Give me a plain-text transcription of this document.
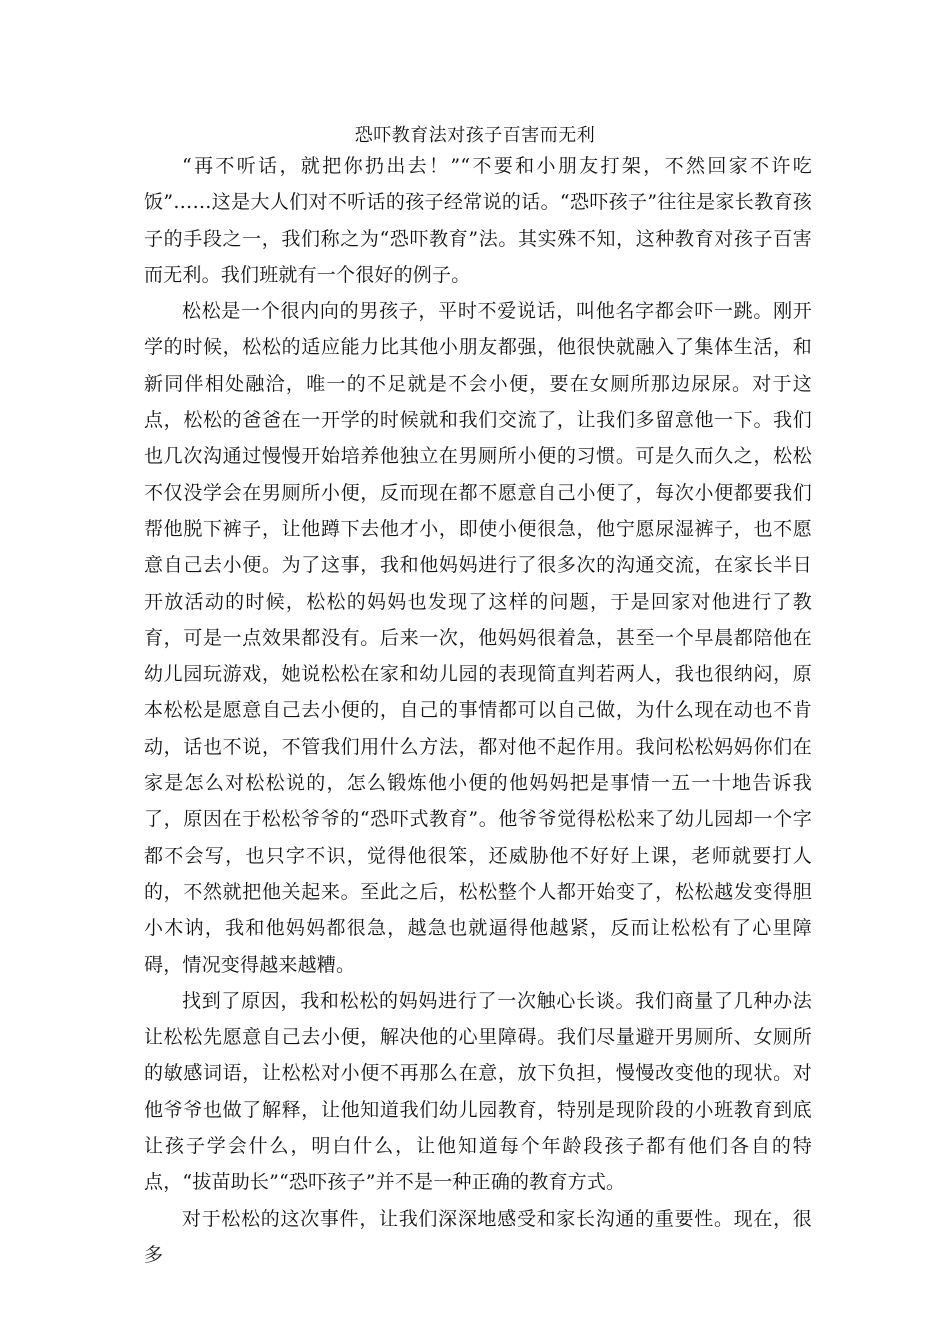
恐吓教育法对孩子百害而无利

“再不听话，就把你扔出去！”“不要和小朋友打架，不然回家不许吃饭”……这是大人们对不听话的孩子经常说的话。“恐吓孩子”往往是家长教育孩子的手段之一，我们称之为“恐吓教育”法。其实殊不知，这种教育对孩子百害而无利。我们班就有一个很好的例子。

松松是一个很内向的男孩子，平时不爱说话，叫他名字都会吓一跳。刚开学的时候，松松的适应能力比其他小朋友都强，他很快就融入了集体生活，和新同伴相处融洽，唯一的不足就是不会小便，要在女厕所那边尿尿。对于这点，松松的爸爸在一开学的时候就和我们交流了，让我们多留意他一下。我们也几次沟通过慢慢开始培养他独立在男厕所小便的习惯。可是久而久之，松松不仅没学会在男厕所小便，反而现在都不愿意自己小便了，每次小便都要我们帮他脱下裤子，让他蹲下去他才小，即使小便很急，他宁愿尿湿裤子，也不愿意自己去小便。为了这事，我和他妈妈进行了很多次的沟通交流，在家长半日开放活动的时候，松松的妈妈也发现了这样的问题，于是回家对他进行了教育，可是一点效果都没有。后来一次，他妈妈很着急，甚至一个早晨都陪他在幼儿园玩游戏，她说松松在家和幼儿园的表现简直判若两人，我也很纳闷，原本松松是愿意自己去小便的，自己的事情都可以自己做，为什么现在动也不肯动，话也不说，不管我们用什么方法，都对他不起作用。我问松松妈妈你们在家是怎么对松松说的，怎么锻炼他小便的他妈妈把是事情一五一十地告诉我了，原因在于松松爷爷的“恐吓式教育”。他爷爷觉得松松来了幼儿园却一个字都不会写，也只字不识，觉得他很笨，还威胁他不好好上课，老师就要打人的，不然就把他关起来。至此之后，松松整个人都开始变了，松松越发变得胆小木讷，我和他妈妈都很急，越急也就逼得他越紧，反而让松松有了心里障碍，情况变得越来越糟。

找到了原因，我和松松的妈妈进行了一次触心长谈。我们商量了几种办法让松松先愿意自己去小便，解决他的心里障碍。我们尽量避开男厕所、女厕所的敏感词语，让松松对小便不再那么在意，放下负担，慢慢改变他的现状。对他爷爷也做了解释，让他知道我们幼儿园教育，特别是现阶段的小班教育到底让孩子学会什么，明白什么，让他知道每个年龄段孩子都有他们各自的特点，“拔苗助长”“恐吓孩子”并不是一种正确的教育方式。

对于松松的这次事件，让我们深深地感受和家长沟通的重要性。现在，很多
